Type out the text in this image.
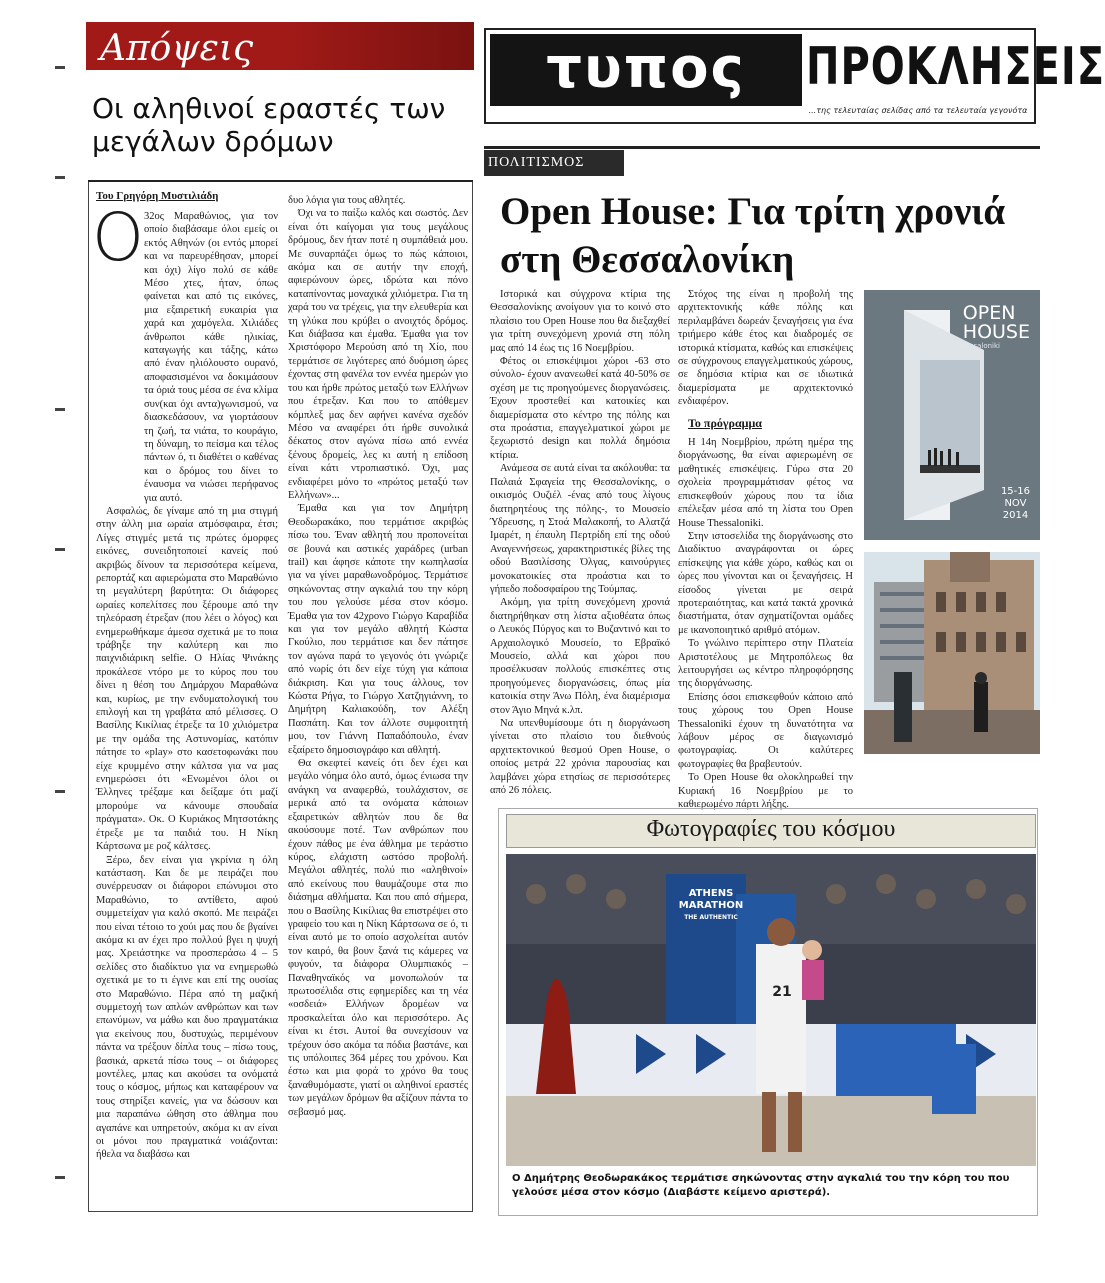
Απόψεις
Οι αληθινοί εραστές των μεγάλων δρόμων
Του Γρηγόρη Μυστιλιάδη
Ο 32ος Μαραθώνιος, για τον οποίο διαβάσαμε όλοι εμείς οι εκτός Αθηνών (οι εντός μπορεί και να παρευρέθησαν, μπορεί και όχι) λίγο πολύ σε κάθε Μέσο χτες, ήταν, όπως φαίνεται και από τις εικόνες, μια εξαιρετική ευκαιρία για χαρά και χαμόγελα. Χιλιάδες άνθρωποι κάθε ηλικίας, καταγωγής και τάξης, κάτω από έναν ηλιόλουστο ουρανό, αποφασισμένοι να δοκιμάσουν τα όριά τους μέσα σε ένα κλίμα συν(και όχι αντα)γωνισμού, να διασκεδάσουν, να γιορτάσουν τη ζωή, τα νιάτα, το κουράγιο, τη δύναμη, το πείσμα και τέλος πάντων ό, τι διαθέτει ο καθένας και ο δρόμος του δίνει το έναυσμα να νιώσει περήφανος για αυτό.

Ασφαλώς, δε γίναμε από τη μια στιγμή στην άλλη μια ωραία ατμόσφαιρα, έτσι; Λίγες στιγμές μετά τις πρώτες όμορφες εικόνες, συνειδητοποιεί κανείς πού ακριβώς δίνουν τα περισσότερα κείμενα, ρεπορτάζ και αφιερώματα στο Μαραθώνιο τη μεγαλύτερη βαρύτητα: Οι διάφορες ωραίες κοπελίτσες που ξέρουμε από την τηλεόραση έτρεξαν (που λέει ο λόγος) και ενημερωθήκαμε άμεσα σχετικά με το ποια τράβηξε την καλύτερη και πιο παιχνιδιάρικη selfie. Ο Ηλίας Ψινάκης προκάλεσε ντόρο με το κύρος που του δίνει η θέση του Δημάρχου Μαραθώνα και, κυρίως, με την ενδυματολογική του επιλογή και τη γραβάτα από μέλισσες. Ο Βασίλης Κικίλιας έτρεξε τα 10 χιλιόμετρα με την ομάδα της Αστυνομίας, κατόπιν πάτησε το «play» στο κασετοφωνάκι που είχε κρυμμένο στην κάλτσα για να μας ενημερώσει ότι «Ενωμένοι όλοι οι Έλληνες τρέξαμε και δείξαμε ότι μαζί μπορούμε να κάνουμε σπουδαία πράγματα». Οκ. Ο Κυριάκος Μητσοτάκης έτρεξε με τα παιδιά του. Η Νίκη Κάρτσωνα με ροζ κάλτσες.

Ξέρω, δεν είναι για γκρίνια η όλη κατάσταση. Και δε με πειράζει που συνέρρευσαν οι διάφοροι επώνυμοι στο Μαραθώνιο, το αντίθετο, αφού συμμετείχαν για καλό σκοπό. Με πειράζει που είναι τέτοιο το χούι μας που δε βγαίνει ακόμα κι αν έχει προ πολλού βγει η ψυχή μας. Χρειάστηκε να προσπεράσω 4 – 5 σελίδες στο διαδίκτυο για να ενημερωθώ σχετικά με το τι έγινε και επί της ουσίας στο Μαραθώνιο. Πέρα από τη μαζική συμμετοχή των απλών ανθρώπων και των επωνύμων, να μάθω και δυο πραγματάκια για εκείνους που, δυστυχώς, περιμένουν πάντα να τρέξουν δίπλα τους – πίσω τους, βασικά, αρκετά πίσω τους – οι διάφορες μοντέλες, μπας και ακούσει τα ονόματά τους ο κόσμος, μήπως και καταφέρουν να τους στηρίξει κανείς, για να δώσουν και μια παραπάνω ώθηση στο άθλημα που αγαπάνε και υπηρετούν, ακόμα κι αν είναι οι μόνοι που πραγματικά νοιάζονται: ήθελα να διαβάσω και

δυο λόγια για τους αθλητές.

Όχι να το παίξω καλός και σωστός. Δεν είναι ότι καίγομαι για τους μεγάλους δρόμους, δεν ήταν ποτέ η συμπάθειά μου. Με συναρπάζει όμως το πώς κάποιοι, ακόμα και σε αυτήν την εποχή, αφιερώνουν ώρες, ιδρώτα και πόνο καταπίνοντας μοναχικά χιλιόμετρα. Για τη χαρά του να τρέχεις, για την ελευθερία και τη γλύκα που κρύβει ο ανοιχτός δρόμος. Και διάβασα και έμαθα. Έμαθα για τον Χριστόφορο Μερούση από τη Χίο, που τερμάτισε σε λιγότερες από δυόμιση ώρες έχοντας στη φανέλα τον εννέα ημερών γιο του και ήρθε πρώτος μεταξύ των Ελλήνων που έτρεξαν. Και που το απόθεμεν κόμπλεξ μας δεν αφήνει κανένα σχεδόν Μέσο να αναφέρει ότι ήρθε συνολικά δέκατος στον αγώνα πίσω από εννέα ξένους δρομείς, λες κι αυτή η επίδοση είναι κάτι ντροπιαστικό. Όχι, μας ενδιαφέρει μόνο το «πρώτος μεταξύ των Ελλήνων»...

Έμαθα και για τον Δημήτρη Θεοδωρακάκο, που τερμάτισε ακριβώς πίσω του. Έναν αθλητή που προπονείται σε βουνά και αστικές χαράδρες (urban trail) και άφησε κάποτε την κωπηλασία για να γίνει μαραθωνοδρόμος. Τερμάτισε σηκώνοντας στην αγκαλιά του την κόρη του που γελούσε μέσα στον κόσμο. Έμαθα για τον 42χρονο Γιώργο Καραβίδα και για τον μεγάλο αθλητή Κώστα Γκούλιο, που τερμάτισε και δεν πάτησε τον αγώνα παρά το γεγονός ότι γνώριζε από νωρίς ότι δεν είχε τύχη για κάποια διάκριση. Και για τους άλλους, τον Κώστα Ρήγα, το Γιώργο Χατζηγιάννη, το Δημήτρη Καλιακούδη, τον Αλέξη Πασπάτη. Και τον άλλοτε συμφοιτητή μου, τον Γιάννη Παπαδόπουλο, έναν εξαίρετο δημοσιογράφο και αθλητή.

Θα σκεφτεί κανείς ότι δεν έχει και μεγάλο νόημα όλο αυτό, όμως ένιωσα την ανάγκη να αναφερθώ, τουλάχιστον, σε μερικά από τα ονόματα κάποιων εξαιρετικών αθλητών που δε θα ακούσουμε ποτέ. Των ανθρώπων που έχουν πάθος με ένα άθλημα με τεράστιο κύρος, ελάχιστη ωστόσο προβολή. Μεγάλοι αθλητές, πολύ πιο «αληθινοί» από εκείνους που θαυμάζουμε στα πιο διάσημα αθλήματα. Και που από σήμερα, που ο Βασίλης Κικίλιας θα επιστρέψει στο γραφείο του και η Νίκη Κάρτσωνα σε ό, τι είναι αυτό με το οποίο ασχολείται αυτόν τον καιρό, θα βουν ξανά τις κάμερες να φυγούν, τα διάφορα Ολυμπιακός – Παναθηναϊκός να μονοπωλούν τα πρωτοσέλιδα στις εφημερίδες και τη νέα «οσδειά» Ελλήνων δρομέων να προσκαλείται όλο και περισσότερο. Ας είναι κι έτσι. Αυτοί θα συνεχίσουν να τρέχουν όσο ακόμα τα πόδια βαστάνε, και τις υπόλοιπες 364 μέρες του χρόνου. Και έστω και μια φορά το χρόνο θα τους ξαναθυμόμαστε, γιατί οι αληθινοί εραστές των μεγάλων δρόμων θα αξίζουν πάντα το σεβασμό μας.

τυπος	ΠΡΟΚΛΗΣΕΙΣ
...της τελευταίας σελίδας από τα τελευταία γεγονότα
ΠΟΛΙΤΙΣΜΟΣ
Open House: Για τρίτη χρονιά στη Θεσσαλονίκη

Ιστορικά και σύγχρονα κτίρια της Θεσσαλονίκης ανοίγουν για το κοινό στο πλαίσιο του Open House που θα διεξαχθεί για τρίτη συνεχόμενη χρονιά στη πόλη μας από 14 έως τις 16 Νοεμβρίου.

Φέτος οι επισκέψιμοι χώροι -63 στο σύνολο- έχουν ανανεωθεί κατά 40-50% σε σχέση με τις προηγούμενες διοργανώσεις. Έχουν προστεθεί και κατοικίες και διαμερίσματα στο κέντρο της πόλης και στα προάστια, επαγγελματικοί χώροι με ξεχωριστό design και πολλά δημόσια κτίρια.

Ανάμεσα σε αυτά είναι τα ακόλουθα: τα Παλαιά Σφαγεία της Θεσσαλονίκης, ο οικισμός Ουζιέλ -ένας από τους λίγους διατηρητέους της πόλης-, το Μουσείο Ύδρευσης, η Στοά Μαλακοπή, το Αλατζά Ιμαρέτ, η έπαυλη Περτρίδη επί της οδού Αναγεννήσεως, χαρακτηριστικές βίλες της οδού Βασιλίσσης Όλγας, καινούργιες μονοκατοικίες στα προάστια και το γήπεδο ποδοσφαίρου της Τούμπας.

Ακόμη, για τρίτη συνεχόμενη χρονιά διατηρήθηκαν στη λίστα αξιοθέατα όπως ο Λευκός Πύργος και το Βυζαντινό και το Αρχαιολογικό Μουσείο, το Εβραϊκό Μουσείο, αλλά και χώροι που προσέλκυσαν πολλούς επισκέπτες στις προηγούμενες διοργανώσεις, όπως μία κατοικία στην Άνω Πόλη, ένα διαμέρισμα στον Άγιο Μηνά κ.λπ.

Να υπενθυμίσουμε ότι η διοργάνωση γίνεται στο πλαίσιο του διεθνούς αρχιτεκτονικού θεσμού Open House, ο οποίος μετρά 22 χρόνια παρουσίας και λαμβάνει χώρα ετησίως σε περισσότερες από 26 πόλεις.

Στόχος της είναι η προβολή της αρχιτεκτονικής κάθε πόλης και περιλαμβάνει δωρεάν ξεναγήσεις για ένα τριήμερο κάθε έτος και διαδρομές σε ιστορικά κτίσματα, καθώς και επισκέψεις σε σύγχρονους επαγγελματικούς χώρους, σε δημόσια κτίρια και σε ιδιωτικά διαμερίσματα με αρχιτεκτονικό ενδιαφέρον.

Το πρόγραμμα

Η 14η Νοεμβρίου, πρώτη ημέρα της διοργάνωσης, θα είναι αφιερωμένη σε μαθητικές επισκέψεις. Γύρω στα 20 σχολεία προγραμμάτισαν φέτος να επισκεφθούν χώρους που τα ίδια επέλεξαν μέσα από τη λίστα του Open House Thessaloniki.

Στην ιστοσελίδα της διοργάνωσης στο Διαδίκτυο αναγράφονται οι ώρες επίσκεψης για κάθε χώρο, καθώς και οι ώρες που γίνονται και οι ξεναγήσεις. Η είσοδος γίνεται με σειρά προτεραιότητας, και κατά τακτά χρονικά διαστήματα, όταν σχηματίζονται ομάδες με ικανοποιητικό αριθμό ατόμων.

Το γνώλινο περίπτερο στην Πλατεία Αριστοτέλους με Μητροπόλεως θα λειτουργήσει ως κέντρο πληροφόρησης της διοργάνωσης.

Επίσης όσοι επισκεφθούν κάποιο από τους χώρους του Open House Thessaloniki έχουν τη δυνατότητα να λάβουν μέρος σε διαγωνισμό φωτογραφίας. Οι καλύτερες φωτογραφίες θα βραβευτούν.

Το Open House θα ολοκληρωθεί την Κυριακή 16 Νοεμβρίου με το καθιερωμένο πάρτι λήξης.

OPEN
HOUSE
Thessaloniki
15-16
NOV
2014
Φωτογραφίες του κόσμου
ATHENS
MARATHON
THE AUTHENTIC
21
Ο Δημήτρης Θεοδωρακάκος τερμάτισε σηκώνοντας στην αγκαλιά του την κόρη του που γελούσε μέσα στον κόσμο (Διαβάστε κείμενο αριστερά).
